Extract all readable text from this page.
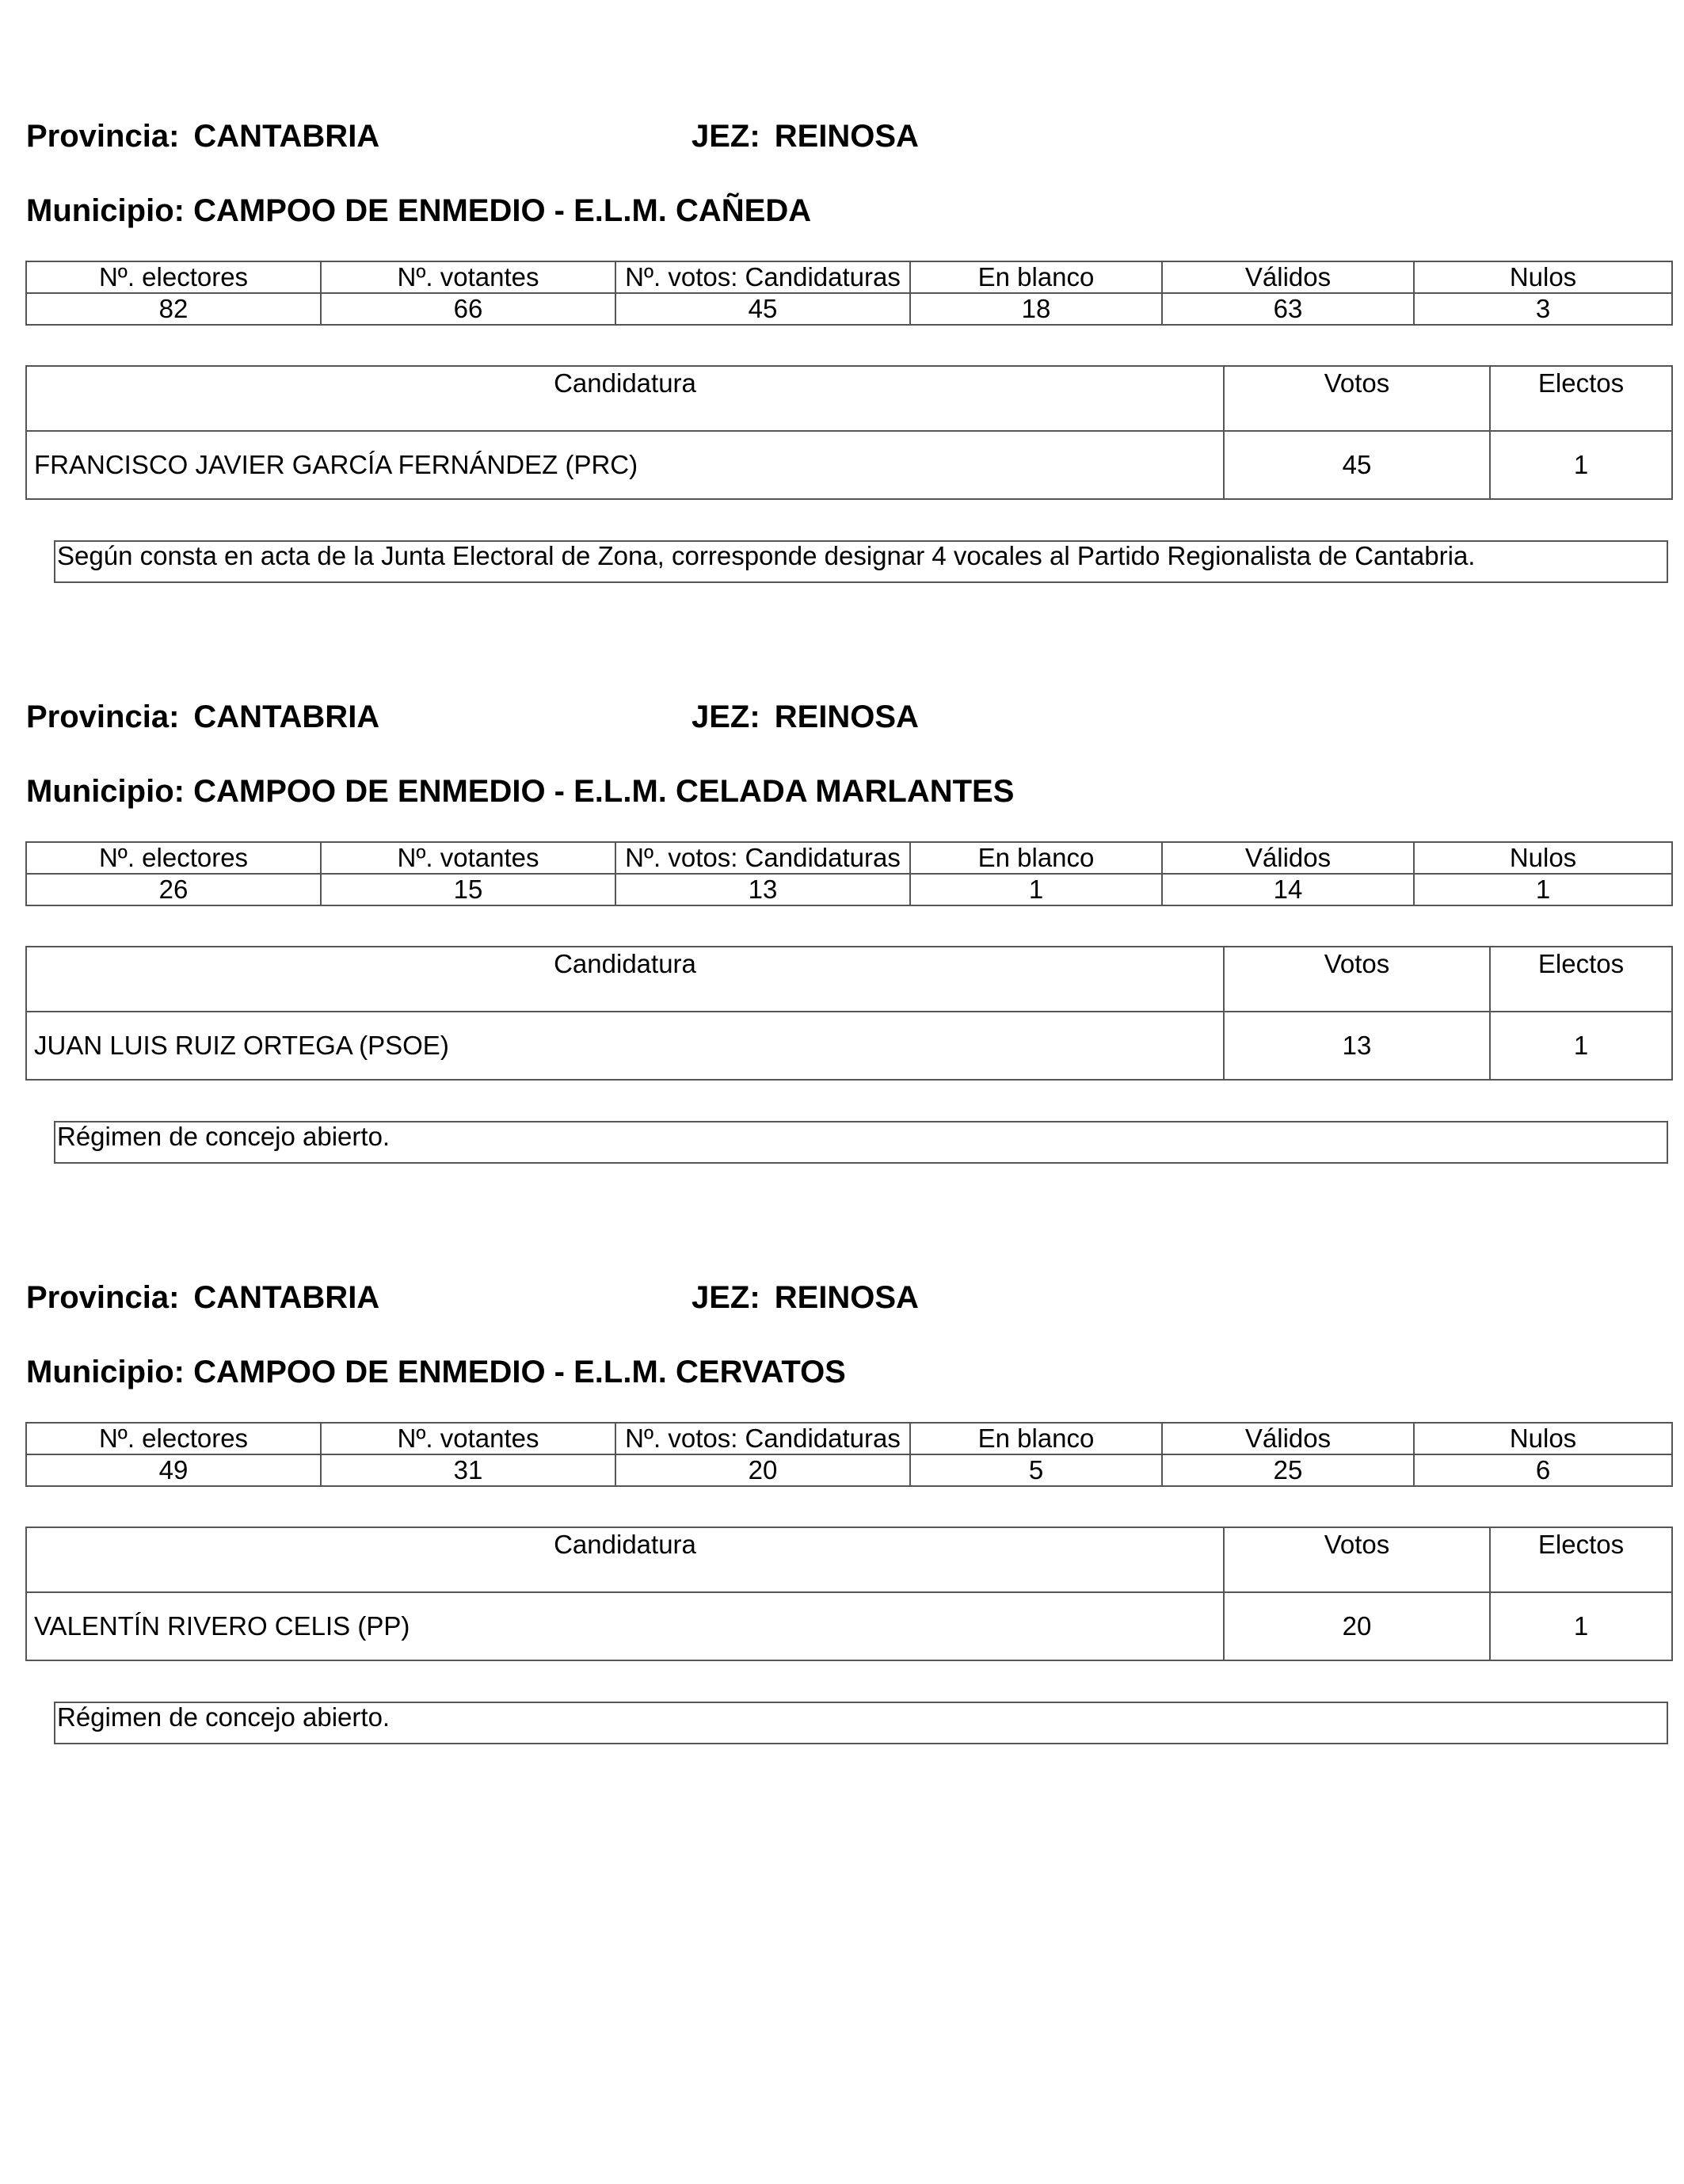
Provincia: CANTABRIA	JEZ: REINOSA
Municipio: CAMPOO DE ENMEDIO - E.L.M. CAÑEDA
Nº. electores	Nº. votantes	Nº. votos: Candidaturas	En blanco	Válidos	Nulos
82	66	45	18	63	3
Candidatura	Votos	Electos
FRANCISCO JAVIER GARCÍA FERNÁNDEZ (PRC)	45	1
Según consta en acta de la Junta Electoral de Zona, corresponde designar 4 vocales al Partido Regionalista de Cantabria.
Provincia: CANTABRIA	JEZ: REINOSA
Municipio: CAMPOO DE ENMEDIO - E.L.M. CELADA MARLANTES
Nº. electores	Nº. votantes	Nº. votos: Candidaturas	En blanco	Válidos	Nulos
26	15	13	1	14	1
Candidatura	Votos	Electos
JUAN LUIS RUIZ ORTEGA (PSOE)	13	1
Régimen de concejo abierto.
Provincia: CANTABRIA	JEZ: REINOSA
Municipio: CAMPOO DE ENMEDIO - E.L.M. CERVATOS
Nº. electores	Nº. votantes	Nº. votos: Candidaturas	En blanco	Válidos	Nulos
49	31	20	5	25	6
Candidatura	Votos	Electos
VALENTÍN RIVERO CELIS (PP)	20	1
Régimen de concejo abierto.
